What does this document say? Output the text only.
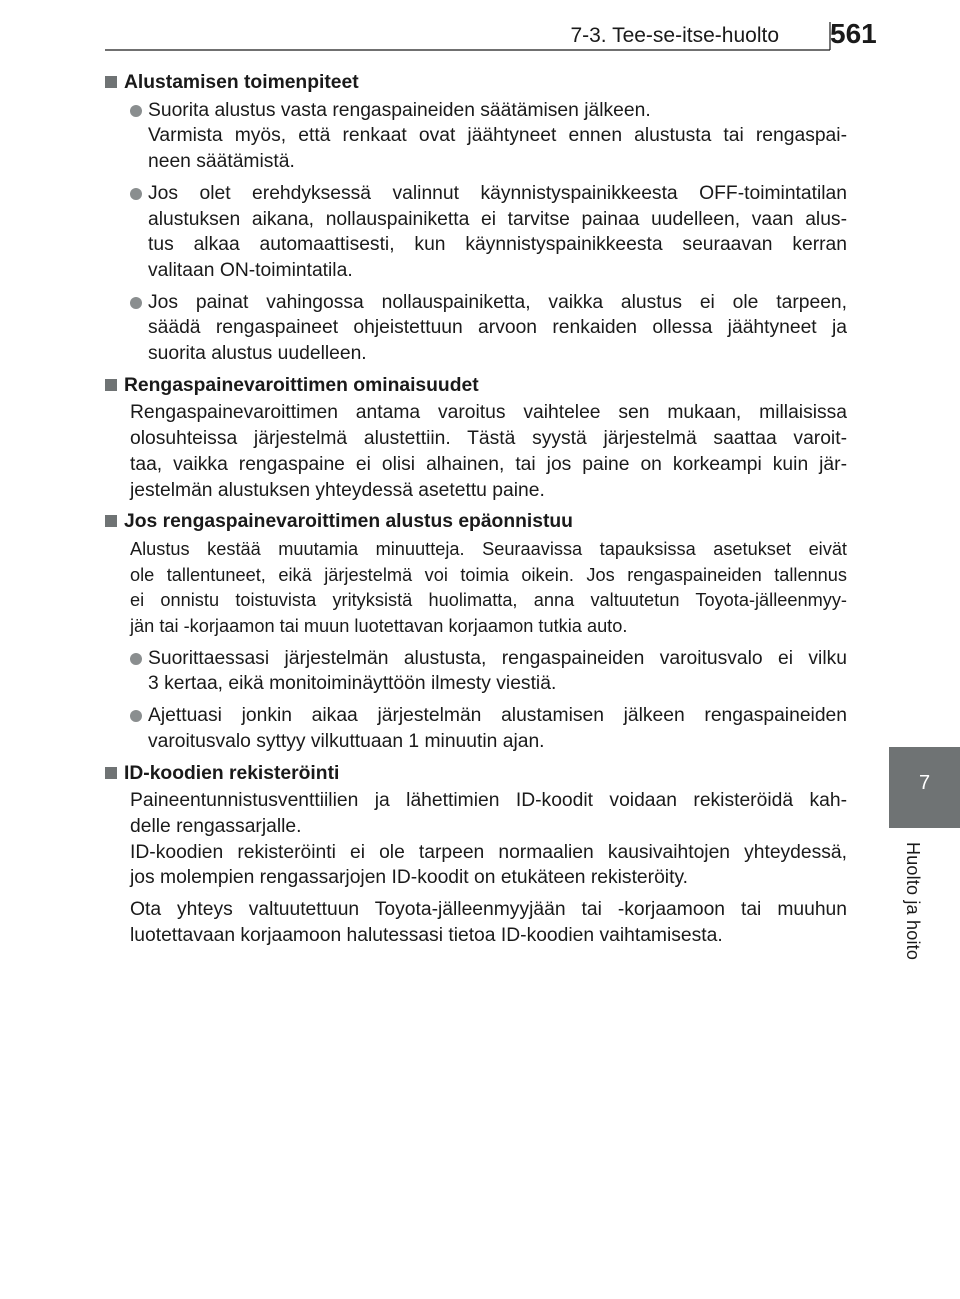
7-3. Tee-se-itse-huolto 561
7
Huolto ja hoito
Alustamisen toimenpiteet
Suorita alustus vasta rengaspaineiden säätämisen jälkeen.
Varmista myös, että renkaat ovat jäähtyneet ennen alustusta tai rengaspai-
neen säätämistä.
Jos olet erehdyksessä valinnut käynnistyspainikkeesta OFF-toimintatilan
alustuksen aikana, nollauspainiketta ei tarvitse painaa uudelleen, vaan alus-
tus alkaa automaattisesti, kun käynnistyspainikkeesta seuraavan kerran
valitaan ON-toimintatila.
Jos painat vahingossa nollauspainiketta, vaikka alustus ei ole tarpeen,
säädä rengaspaineet ohjeistettuun arvoon renkaiden ollessa jäähtyneet ja
suorita alustus uudelleen.
Rengaspainevaroittimen ominaisuudet
Rengaspainevaroittimen antama varoitus vaihtelee sen mukaan, millaisissa
olosuhteissa järjestelmä alustettiin. Tästä syystä järjestelmä saattaa varoit-
taa, vaikka rengaspaine ei olisi alhainen, tai jos paine on korkeampi kuin jär-
jestelmän alustuksen yhteydessä asetettu paine.
Jos rengaspainevaroittimen alustus epäonnistuu
Alustus kestää muutamia minuutteja. Seuraavissa tapauksissa asetukset eivät
ole tallentuneet, eikä järjestelmä voi toimia oikein. Jos rengaspaineiden tallennus
ei onnistu toistuvista yrityksistä huolimatta, anna valtuutetun Toyota-jälleenmyy-
jän tai -korjaamon tai muun luotettavan korjaamon tutkia auto.
Suorittaessasi järjestelmän alustusta, rengaspaineiden varoitusvalo ei vilku
3 kertaa, eikä monitoiminäyttöön ilmesty viestiä.
Ajettuasi jonkin aikaa järjestelmän alustamisen jälkeen rengaspaineiden
varoitusvalo syttyy vilkuttuaan 1 minuutin ajan.
ID-koodien rekisteröinti
Paineentunnistusventtiilien ja lähettimien ID-koodit voidaan rekisteröidä kah-
delle rengassarjalle.
ID-koodien rekisteröinti ei ole tarpeen normaalien kausivaihtojen yhteydessä,
jos molempien rengassarjojen ID-koodit on etukäteen rekisteröity.
Ota yhteys valtuutettuun Toyota-jälleenmyyjään tai -korjaamoon tai muuhun
luotettavaan korjaamoon halutessasi tietoa ID-koodien vaihtamisesta.
